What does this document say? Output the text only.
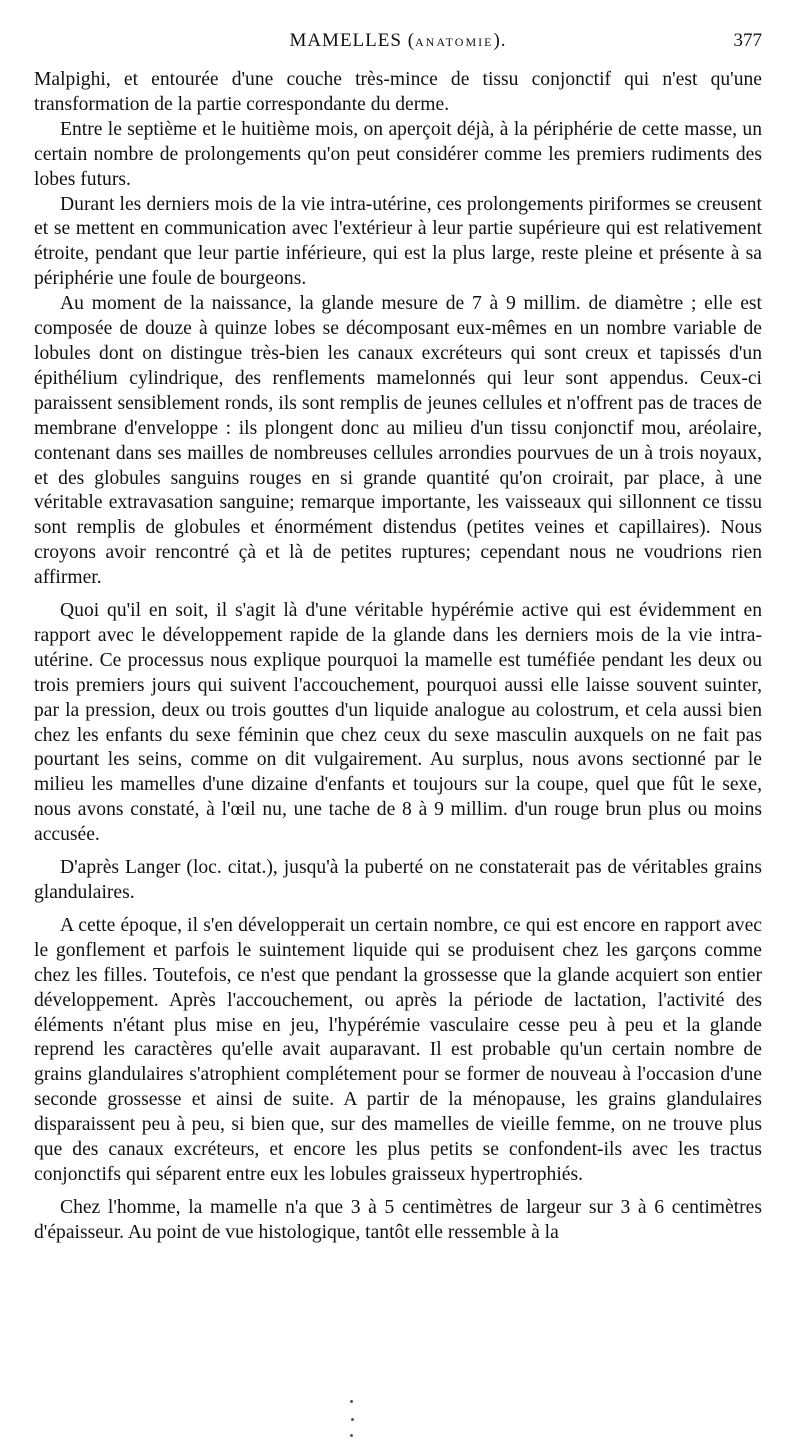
MAMELLES (ANATOMIE).	377

Malpighi, et entourée d'une couche très-mince de tissu conjonctif qui n'est qu'une transformation de la partie correspondante du derme.

Entre le septième et le huitième mois, on aperçoit déjà, à la périphérie de cette masse, un certain nombre de prolongements qu'on peut considérer comme les premiers rudiments des lobes futurs.

Durant les derniers mois de la vie intra-utérine, ces prolongements piriformes se creusent et se mettent en communication avec l'extérieur à leur partie supérieure qui est relativement étroite, pendant que leur partie inférieure, qui est la plus large, reste pleine et présente à sa périphérie une foule de bourgeons.

Au moment de la naissance, la glande mesure de 7 à 9 millim. de diamètre ; elle est composée de douze à quinze lobes se décomposant eux-mêmes en un nombre variable de lobules dont on distingue très-bien les canaux excréteurs qui sont creux et tapissés d'un épithélium cylindrique, des renflements mamelonnés qui leur sont appendus. Ceux-ci paraissent sensiblement ronds, ils sont remplis de jeunes cellules et n'offrent pas de traces de membrane d'enveloppe : ils plongent donc au milieu d'un tissu conjonctif mou, aréolaire, contenant dans ses mailles de nombreuses cellules arrondies pourvues de un à trois noyaux, et des globules sanguins rouges en si grande quantité qu'on croirait, par place, à une véritable extravasation sanguine; remarque importante, les vaisseaux qui sillonnent ce tissu sont remplis de globules et énormément distendus (petites veines et capillaires). Nous croyons avoir rencontré çà et là de petites ruptures; cependant nous ne voudrions rien affirmer.

Quoi qu'il en soit, il s'agit là d'une véritable hypérémie active qui est évidemment en rapport avec le développement rapide de la glande dans les derniers mois de la vie intra-utérine. Ce processus nous explique pourquoi la mamelle est tuméfiée pendant les deux ou trois premiers jours qui suivent l'accouchement, pourquoi aussi elle laisse souvent suinter, par la pression, deux ou trois gouttes d'un liquide analogue au colostrum, et cela aussi bien chez les enfants du sexe féminin que chez ceux du sexe masculin auxquels on ne fait pas pourtant les seins, comme on dit vulgairement. Au surplus, nous avons sectionné par le milieu les mamelles d'une dizaine d'enfants et toujours sur la coupe, quel que fût le sexe, nous avons constaté, à l'œil nu, une tache de 8 à 9 millim. d'un rouge brun plus ou moins accusée.

D'après Langer (loc. citat.), jusqu'à la puberté on ne constaterait pas de véritables grains glandulaires.

A cette époque, il s'en développerait un certain nombre, ce qui est encore en rapport avec le gonflement et parfois le suintement liquide qui se produisent chez les garçons comme chez les filles. Toutefois, ce n'est que pendant la grossesse que la glande acquiert son entier développement. Après l'accouchement, ou après la période de lactation, l'activité des éléments n'étant plus mise en jeu, l'hypérémie vasculaire cesse peu à peu et la glande reprend les caractères qu'elle avait auparavant. Il est probable qu'un certain nombre de grains glandulaires s'atrophient complétement pour se former de nouveau à l'occasion d'une seconde grossesse et ainsi de suite. A partir de la ménopause, les grains glandulaires disparaissent peu à peu, si bien que, sur des mamelles de vieille femme, on ne trouve plus que des canaux excréteurs, et encore les plus petits se confondent-ils avec les tractus conjonctifs qui séparent entre eux les lobules graisseux hypertrophiés.

Chez l'homme, la mamelle n'a que 3 à 5 centimètres de largeur sur 3 à 6 centimètres d'épaisseur. Au point de vue histologique, tantôt elle ressemble à la
